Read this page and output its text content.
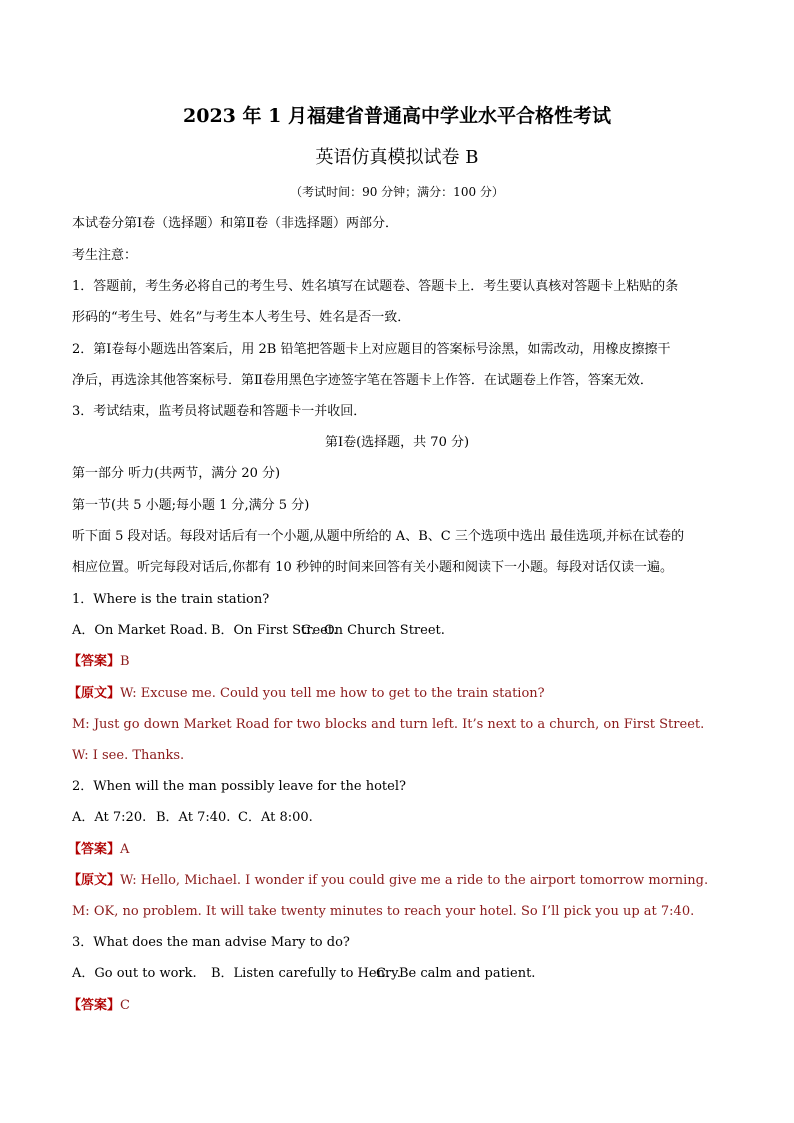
2023 年 1 月福建省普通高中学业水平合格性考试
英语仿真模拟试卷 B
（考试时间：90 分钟；满分：100 分）
本试卷分第Ⅰ卷（选择题）和第Ⅱ卷（非选择题）两部分．
考生注意：
1．答题前，考生务必将自己的考生号、姓名填写在试题卷、答题卡上．考生要认真核对答题卡上粘贴的条
形码的“考生号、姓名”与考生本人考生号、姓名是否一致．
2．第Ⅰ卷每小题选出答案后，用 2B 铅笔把答题卡上对应题目的答案标号涂黑，如需改动，用橡皮擦擦干
净后，再选涂其他答案标号．第Ⅱ卷用黑色字迹签字笔在答题卡上作答．在试题卷上作答，答案无效．
3．考试结束，监考员将试题卷和答题卡一并收回．
第Ⅰ卷(选择题，共 70 分)
第一部分 听力(共两节，满分 20 分)
第一节(共 5 小题;每小题 1 分,满分 5 分)
听下面 5 段对话。每段对话后有一个小题,从题中所给的 A、B、C 三个选项中选出 最佳选项,并标在试卷的
相应位置。听完每段对话后,你都有 10 秒钟的时间来回答有关小题和阅读下一小题。每段对话仅读一遍。
1．Where is the train station?
A．On Market Road. B．On First Street.C．On Church Street.
【答案】B
【原文】W: Excuse me. Could you tell me how to get to the train station?
M: Just go down Market Road for two blocks and turn left. It’s next to a church, on First Street.
W: I see. Thanks.
2．When will the man possibly leave for the hotel?
A．At 7:20. B．At 7:40. C．At 8:00.
【答案】A
【原文】W: Hello, Michael. I wonder if you could give me a ride to the airport tomorrow morning.
M: OK, no problem. It will take twenty minutes to reach your hotel. So I’ll pick you up at 7:40.
3．What does the man advise Mary to do?
A．Go out to work. B．Listen carefully to Henry.C．Be calm and patient.
【答案】C
